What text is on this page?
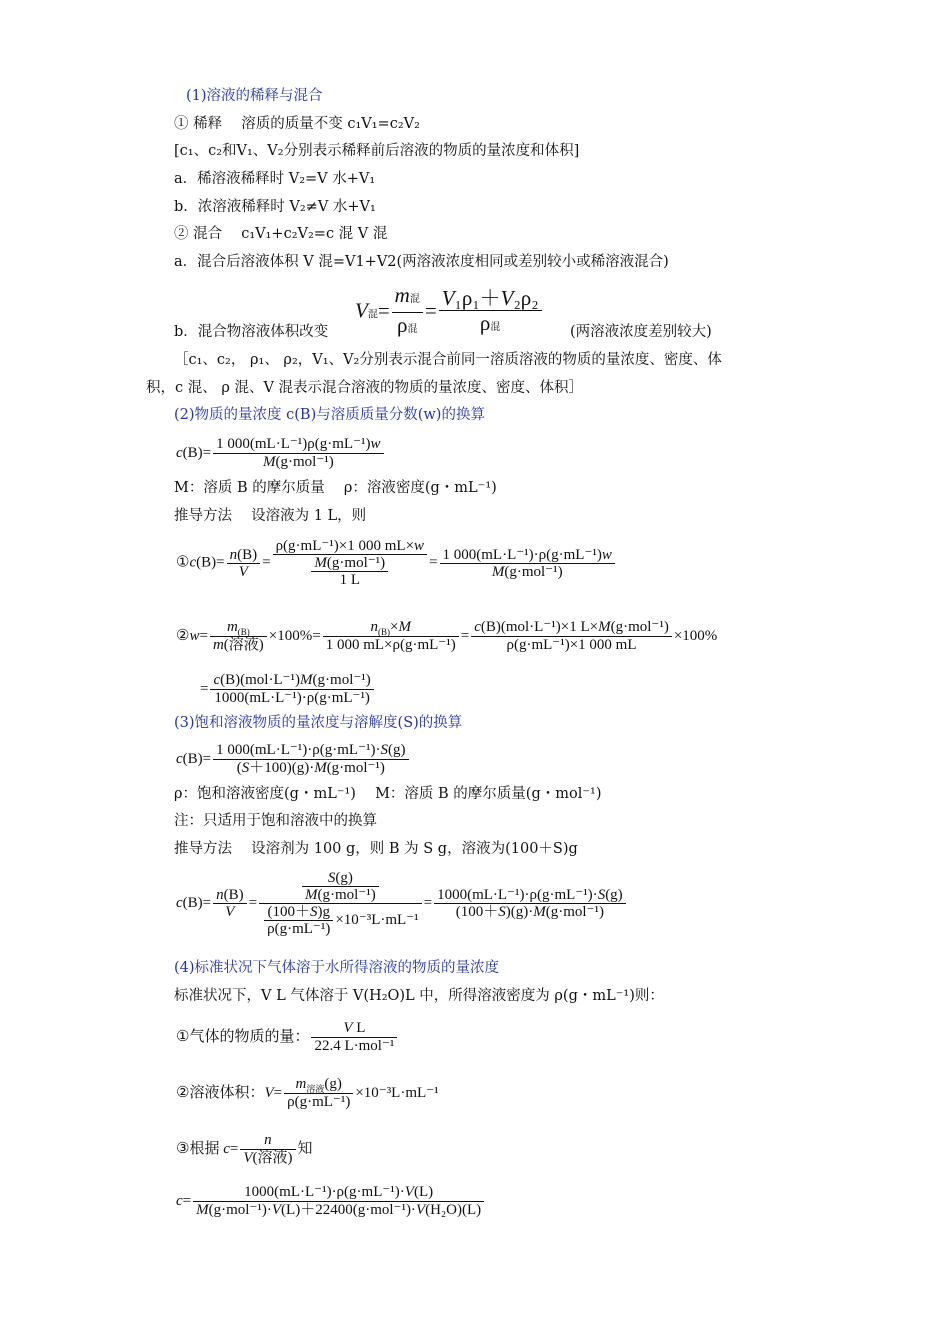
(1)溶液的稀释与混合
① 稀释　 溶质的质量不变 c₁V₁=c₂V₂
[c₁、c₂和V₁、V₂分别表示稀释前后溶液的物质的量浓度和体积]
a．稀溶液稀释时 V₂=V 水+V₁
b．浓溶液稀释时 V₂≠V 水+V₁
② 混合　 c₁V₁+c₂V₂=c 混 V 混
a．混合后溶液体积 V 混=V1+V2(两溶液浓度相同或差别较小或稀溶液混合)
V混= $\frac{\text{m混}}{\text{ρ混}} = \frac{\text{V₁ρ₁＋V₂ρ₂}}{\text{ρ混}}$
b．混合物溶液体积改变	(两溶液浓度差别较大)
［c₁、c₂， ρ₁、 ρ₂，V₁、V₂分别表示混合前同一溶质溶液的物质的量浓度、密度、体
积，c 混、 ρ 混、V 混表示混合溶液的物质的量浓度、密度、体积］
(2)物质的量浓度 c(B)与溶质质量分数(w)的换算
$c(B)= \frac{\text{1 000(mL·L⁻¹)ρ(g·mL⁻¹)w}}{\text{M(g·mol⁻¹)}}$
M：溶质 B 的摩尔质量　 ρ：溶液密度(g・mL⁻¹)
推导方法　 设溶液为 1 L，则
①c(B)= $\frac{n(B)}{V} = \frac{\text{ρ(g·mL⁻¹)×1 000 mL×w}}{\frac{\text{M(g·mol⁻¹)}}{1 L}} = \frac{\text{1 000(mL·L⁻¹)·ρ(g·mL⁻¹)w}}{\text{M(g·mol⁻¹)}}$
②w= $\frac{m_{(B)}}{\text{m(溶液)}} \times 100\%= \frac{n_{(B)}\times M}{\text{1 000 mL×ρ(g·mL⁻¹)}} = \frac{\text{c(B)(mol·L⁻¹)×1 L×M(g·mol⁻¹)}}{\text{ρ(g·mL⁻¹)×1 000 mL}} \times 100\%$
= $\frac{\text{c(B)(mol·L⁻¹)M(g·mol⁻¹)}}{\text{1000(mL·L⁻¹)·ρ(g·mL⁻¹)}}$
(3)饱和溶液物质的量浓度与溶解度(S)的换算
$c(B)= \frac{\text{1 000(mL·L⁻¹)·ρ(g·mL⁻¹)·S(g)}}{\text{(S＋100)(g)·M(g·mol⁻¹)}}$
ρ：饱和溶液密度(g・mL⁻¹)　 M：溶质 B 的摩尔质量(g・mol⁻¹)
注：只适用于饱和溶液中的换算
推导方法　 设溶剂为 100 g，则 B 为 S g，溶液为(100＋S)g
$c(B)= \frac{n(B)}{V} = \frac{\frac{S(g)}{\text{M(g·mol⁻¹)}}}{\frac{(100+S)g}{\text{ρ(g·mL⁻¹)}} \times 10^{-3}L\cdot mL^{-1}} = \frac{\text{1000(mL·L⁻¹)·ρ(g·mL⁻¹)·S(g)}}{\text{(100＋S)(g)·M(g·mol⁻¹)}}$
(4)标准状况下气体溶于水所得溶液的物质的量浓度
标准状况下，V L 气体溶于 V(H₂O)L 中，所得溶液密度为 ρ(g・mL⁻¹)则：
①气体的物质的量： $\frac{\text{V L}}{\text{22.4 L·mol⁻¹}}$
②溶液体积：$V= \frac{m_{溶液}(g)}{\text{ρ(g·mL⁻¹)}} \times 10^{-3}L\cdot mL^{-1}$
③根据 $c= \frac{n}{\text{V(溶液)}}$ 知
$c= \frac{\text{1000(mL·L⁻¹)·ρ(g·mL⁻¹)·V(L)}}{\text{M(g·mol⁻¹)·V(L)＋22400(g·mol⁻¹)·V(H₂O)(L)}}$
